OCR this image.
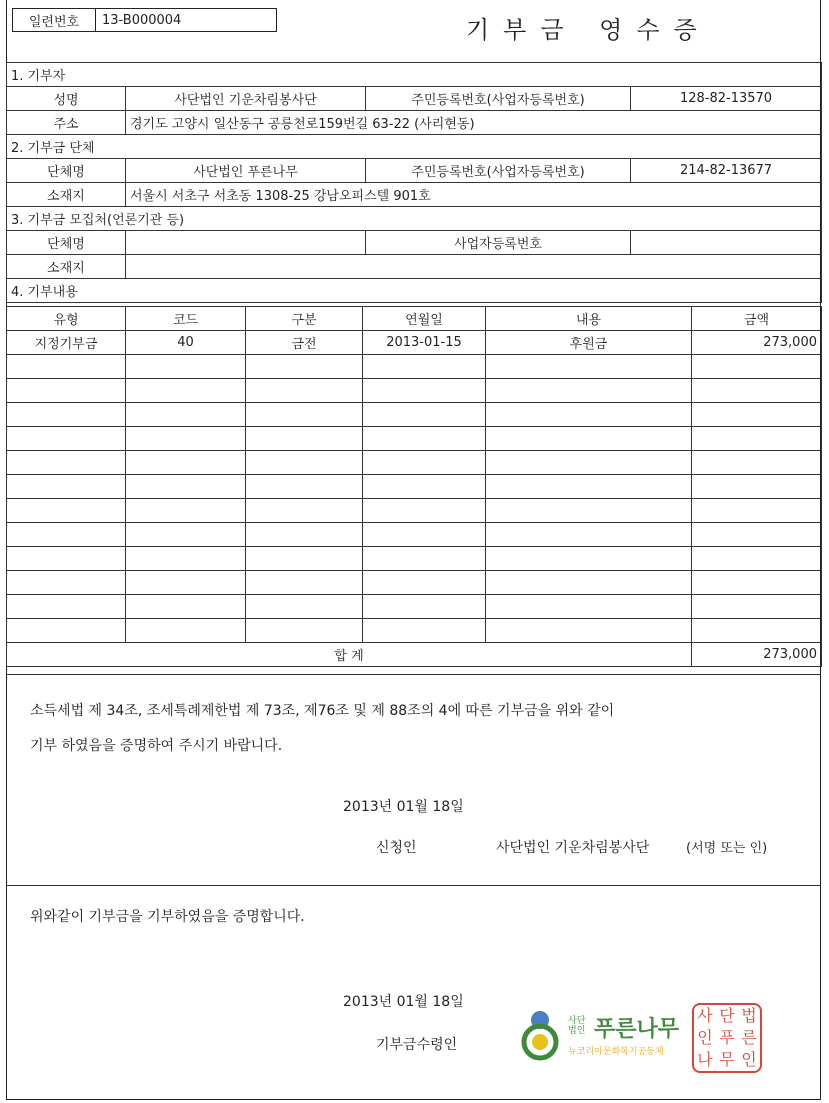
일련번호	13-B000004	기부금 영수증
1. 기부자			
성명	사단법인 기운차림봉사단	주민등록번호(사업자등록번호)	128-82-13570
주소	경기도 고양시 일산동구 공릉천로159번길 63-22 (사리현동)		
2. 기부금 단체			
단체명	사단법인 푸른나무	주민등록번호(사업자등록번호)	214-82-13677
소재지	서울시 서초구 서초동 1308-25 강남오피스텔 901호		
3. 기부금 모집처(언론기관 등)			
단체명		사업자등록번호	
소재지			
4. 기부내용			
유형	코드	구분	연월일	내용	금액
지정기부금	40	금전	2013-01-15	후원금	273,000

합 계					273,000
소득세법 제 34조, 조세특례제한법 제 73조, 제76조 및 제 88조의 4에 따른 기부금을 위와 같이
기부 하였음을 증명하여 주시기 바랍니다.
2013년 01월 18일
신청인	사단법인 기운차림봉사단	(서명 또는 인)
위와같이 기부금을 기부하였음을 증명합니다.
2013년 01월 18일
기부금수령인
사단
법인 푸른나무
뉴코리아문화복지공동체
사 단 법
인 푸 른
나 무 인
